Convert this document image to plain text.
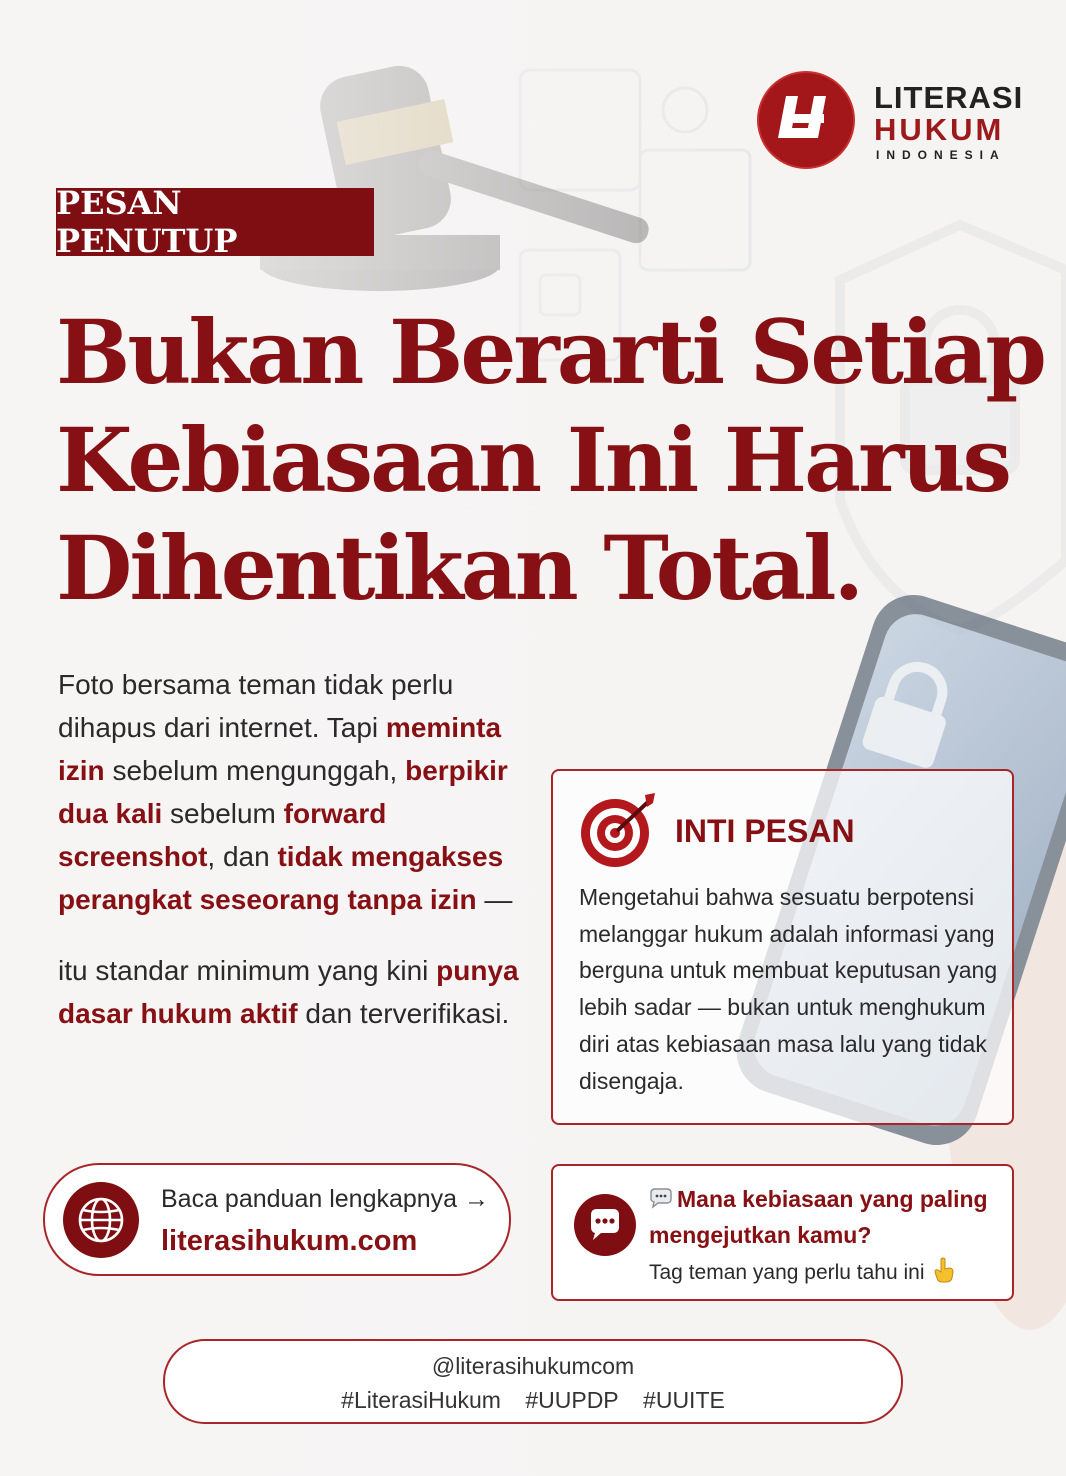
LITERASI
HUKUM
INDONESIA
PESAN PENUTUP
Bukan Berarti Setiap
Kebiasaan Ini Harus
Dihentikan Total.

Foto bersama teman tidak perlu dihapus dari internet. Tapi meminta izin sebelum mengunggah, berpikir dua kali sebelum forward screenshot, dan tidak mengakses perangkat seseorang tanpa izin —

itu standar minimum yang kini punya dasar hukum aktif dan terverifikasi.

INTI PESAN
Mengetahui bahwa sesuatu berpotensi melanggar hukum adalah informasi yang berguna untuk membuat keputusan yang lebih sadar — bukan untuk menghukum diri atas kebiasaan masa lalu yang tidak disengaja.
Baca panduan lengkapnya →
literasihukum.com
Mana kebiasaan yang paling
mengejutkan kamu?
Tag teman yang perlu tahu ini
@literasihukumcom
#LiterasiHukum #UUPDP #UUITE
